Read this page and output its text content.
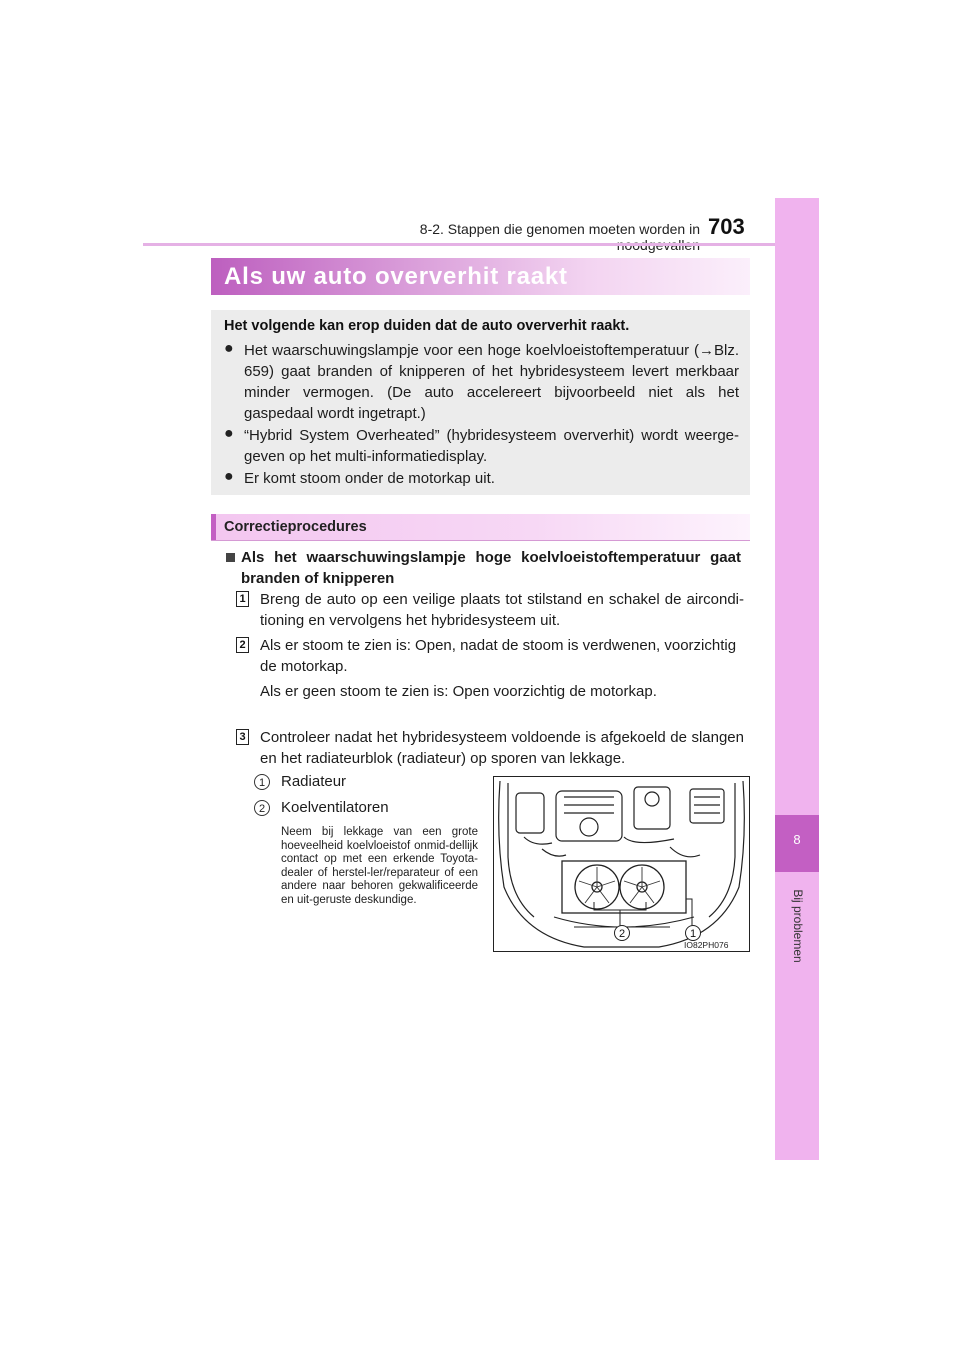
8-2. Stappen die genomen moeten worden in 703
8
Bij problemen
Als uw auto oververhit raakt
Het volgende kan erop duiden dat de auto oververhit raakt.
● Het waarschuwingslampje voor een hoge koelvloeistoftemperatuur (→Blz. 659) gaat branden of knipperen of het hybridesysteem levert merkbaar minder vermogen. (De auto accelereert bijvoorbeeld niet als het gaspedaal wordt ingetrapt.)
● “Hybrid System Overheated” (hybridesysteem oververhit) wordt weerge-geven op het multi-informatiedisplay.
● Er komt stoom onder de motorkap uit.
Correctieprocedures
Als het waarschuwingslampje hoge koelvloeistoftemperatuur gaat branden of knipperen
1 Breng de auto op een veilige plaats tot stilstand en schakel de aircondi-tioning en vervolgens het hybridesysteem uit.
2 Als er stoom te zien is: Open, nadat de stoom is verdwenen, voorzichtig de motorkap.
Als er geen stoom te zien is: Open voorzichtig de motorkap.
3 Controleer nadat het hybridesysteem voldoende is afgekoeld de slangen en het radiateurblok (radiateur) op sporen van lekkage.
1	Radiateur
2	Koelventilatoren
Neem bij lekkage van een grote hoeveelheid koelvloeistof onmid-dellijk contact op met een erkende Toyota-dealer of herstel-ler/reparateur of een andere naar behoren gekwalificeerde en uit-geruste deskundige.
2	1
IO82PH076
